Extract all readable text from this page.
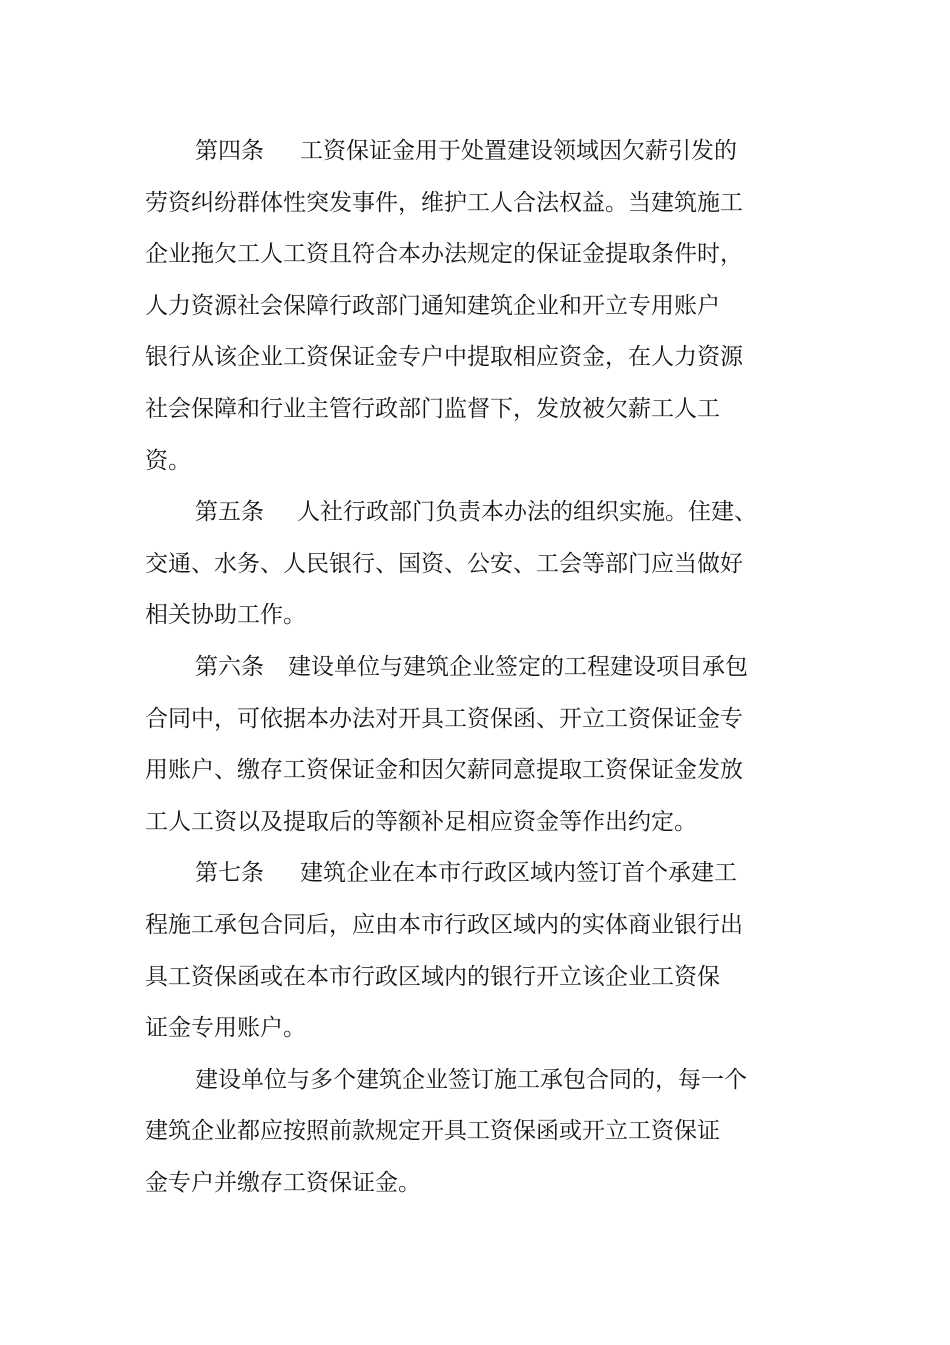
第四条 工资保证金用于处置建设领域因欠薪引发的
劳资纠纷群体性突发事件，维护工人合法权益。当建筑施工
企业拖欠工人工资且符合本办法规定的保证金提取条件时，
人力资源社会保障行政部门通知建筑企业和开立专用账户
银行从该企业工资保证金专户中提取相应资金，在人力资源
社会保障和行业主管行政部门监督下，发放被欠薪工人工
资。
第五条 人社行政部门负责本办法的组织实施。住建、
交通、水务、人民银行、国资、公安、工会等部门应当做好
相关协助工作。
第六条 建设单位与建筑企业签定的工程建设项目承包
合同中，可依据本办法对开具工资保函、开立工资保证金专
用账户、缴存工资保证金和因欠薪同意提取工资保证金发放
工人工资以及提取后的等额补足相应资金等作出约定。
第七条 建筑企业在本市行政区域内签订首个承建工
程施工承包合同后，应由本市行政区域内的实体商业银行出
具工资保函或在本市行政区域内的银行开立该企业工资保
证金专用账户。
建设单位与多个建筑企业签订施工承包合同的，每一个
建筑企业都应按照前款规定开具工资保函或开立工资保证
金专户并缴存工资保证金。
